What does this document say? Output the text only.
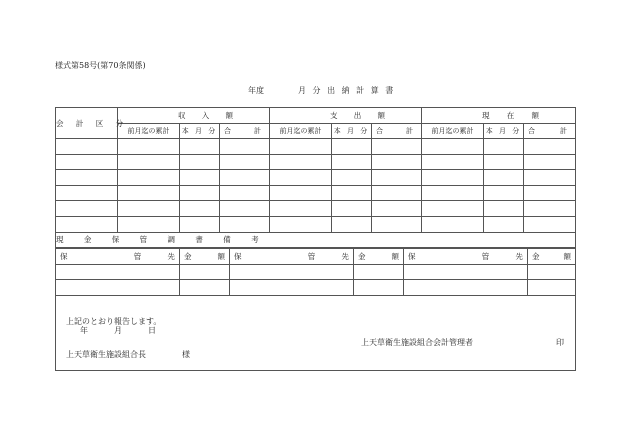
様式第58号(第70条関係)
年度	月 分 出 納 計 算 書
会 計 区 分	収 入 額			支 出 額			現 在 額		

	前月迄の累計	本 月 分	合 計	前月迄の累計	本 月 分	合 計	前月迄の累計	本 月 分	合 計

現 金 保 管 調 書 備 考									
保 管 先	金 額	保 管 先	金 額	保 管 先	金 額

上記のとおり報告します。
年	月	日
上天草衛生施設組合会計管理者	印
上天草衛生施設組合長	様
